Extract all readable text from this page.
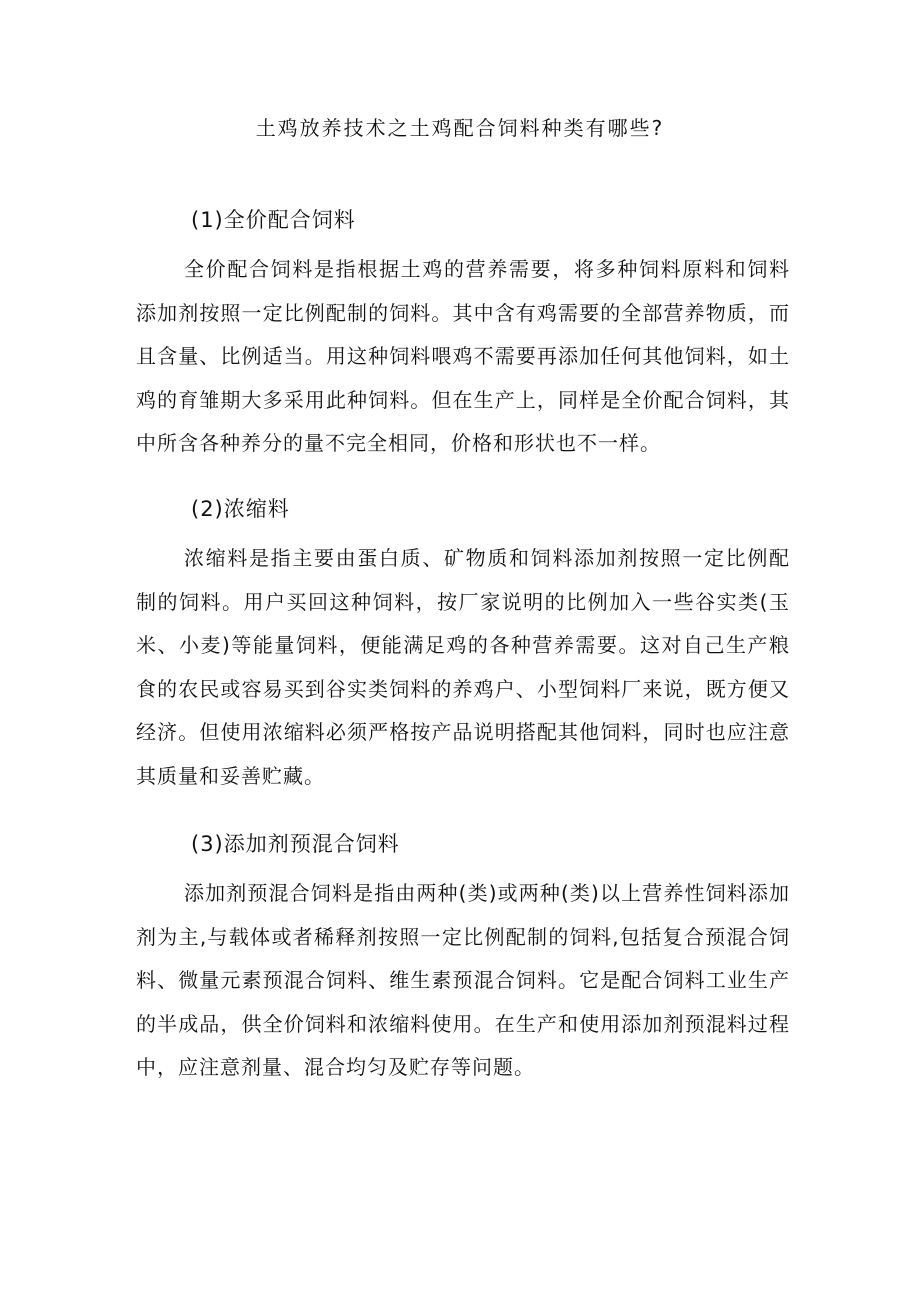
土鸡放养技术之土鸡配合饲料种类有哪些?
(1)全价配合饲料

全价配合饲料是指根据土鸡的营养需要，将多种饲料原料和饲料添加剂按照一定比例配制的饲料。其中含有鸡需要的全部营养物质，而且含量、比例适当。用这种饲料喂鸡不需要再添加任何其他饲料，如土鸡的育雏期大多采用此种饲料。但在生产上，同样是全价配合饲料，其中所含各种养分的量不完全相同，价格和形状也不一样。

(2)浓缩料

浓缩料是指主要由蛋白质、矿物质和饲料添加剂按照一定比例配制的饲料。用户买回这种饲料，按厂家说明的比例加入一些谷实类(玉米、小麦)等能量饲料，便能满足鸡的各种营养需要。这对自己生产粮食的农民或容易买到谷实类饲料的养鸡户、小型饲料厂来说，既方便又经济。但使用浓缩料必须严格按产品说明搭配其他饲料，同时也应注意其质量和妥善贮藏。

(3)添加剂预混合饲料

添加剂预混合饲料是指由两种(类)或两种(类)以上营养性饲料添加剂为主,与载体或者稀释剂按照一定比例配制的饲料,包括复合预混合饲料、微量元素预混合饲料、维生素预混合饲料。它是配合饲料工业生产的半成品，供全价饲料和浓缩料使用。在生产和使用添加剂预混料过程中，应注意剂量、混合均匀及贮存等问题。
